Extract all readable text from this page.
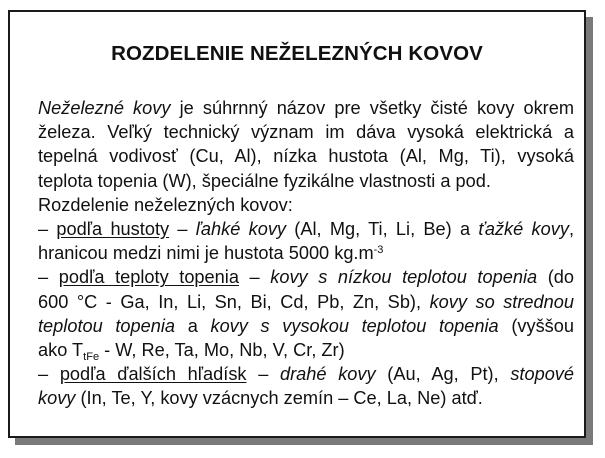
ROZDELENIE NEŽELEZNÝCH KOVOV
Neželezné kovy je súhrnný názov pre všetky čisté kovy okrem
železa. Veľký technický význam im dáva vysoká elektrická a
tepelná vodivosť (Cu, Al), nízka hustota (Al, Mg, Ti), vysoká
teplota topenia (W), špeciálne fyzikálne vlastnosti a pod.
Rozdelenie neželezných kovov:
– podľa hustoty – ľahké kovy (Al, Mg, Ti, Li, Be) a ťažké kovy,
hranicou medzi nimi je hustota 5000 $kg.m^{-3}$
– podľa teploty topenia – kovy s nízkou teplotou topenia (do
600 °C - Ga, In, Li, Sn, Bi, Cd, Pb, Zn, Sb), kovy so strednou
teplotou topenia a kovy s vysokou teplotou topenia (vyššou
ako $T_{tFe}$ - W, Re, Ta, Mo, Nb, V, Cr, Zr)
– podľa ďalších hľadísk – drahé kovy (Au, Ag, Pt), stopové
kovy (In, Te, Y, kovy vzácnych zemín – Ce, La, Ne) atď.
